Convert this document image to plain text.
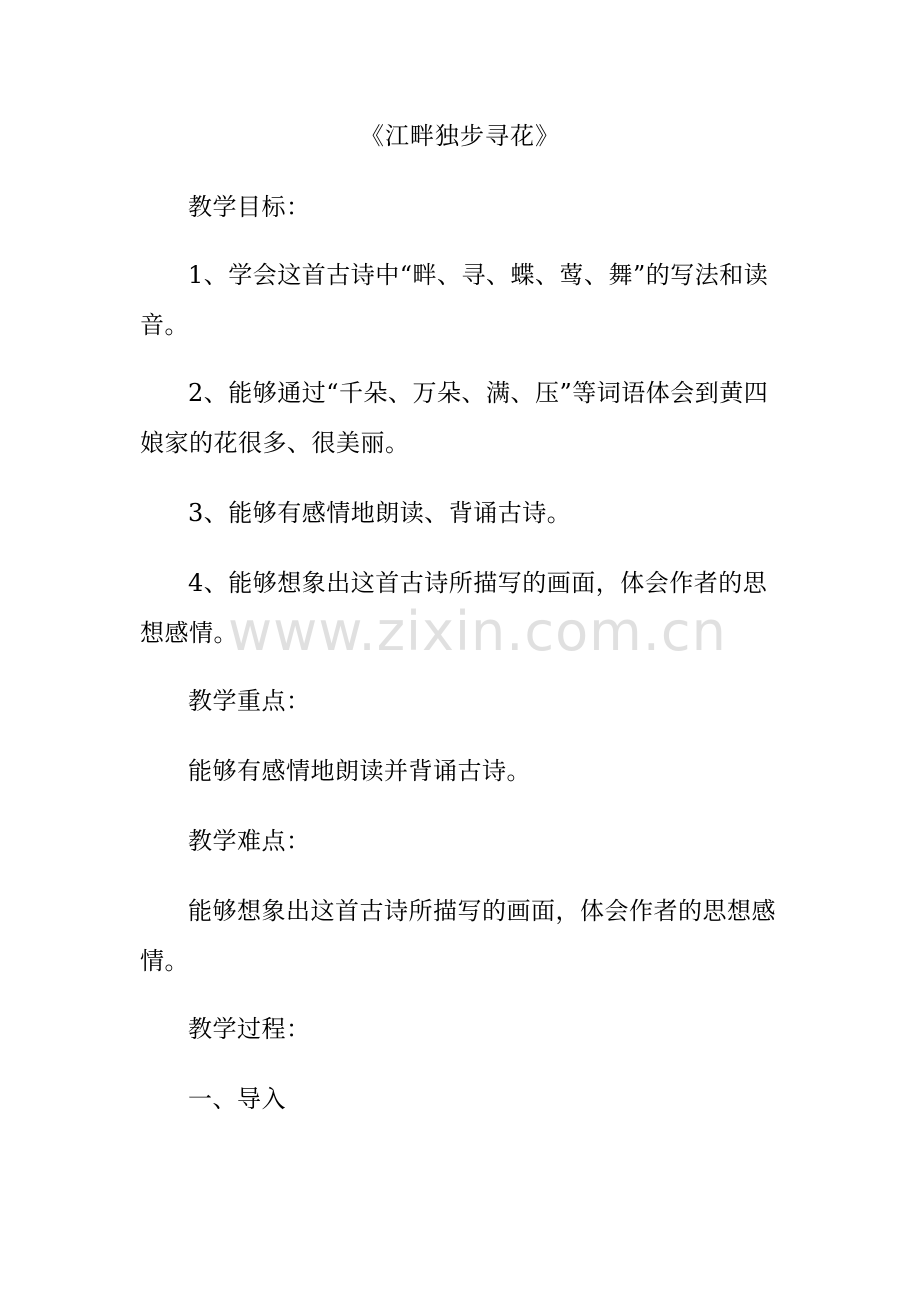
《江畔独步寻花》
教学目标：
1、学会这首古诗中“畔、寻、蝶、莺、舞”的写法和读音。
2、能够通过“千朵、万朵、满、压”等词语体会到黄四娘家的花很多、很美丽。
3、能够有感情地朗读、背诵古诗。
4、能够想象出这首古诗所描写的画面，体会作者的思想感情。
教学重点：
能够有感情地朗读并背诵古诗。
教学难点：
能够想象出这首古诗所描写的画面，体会作者的思想感情。
教学过程：
一、导入
www.zixin.com.cn
